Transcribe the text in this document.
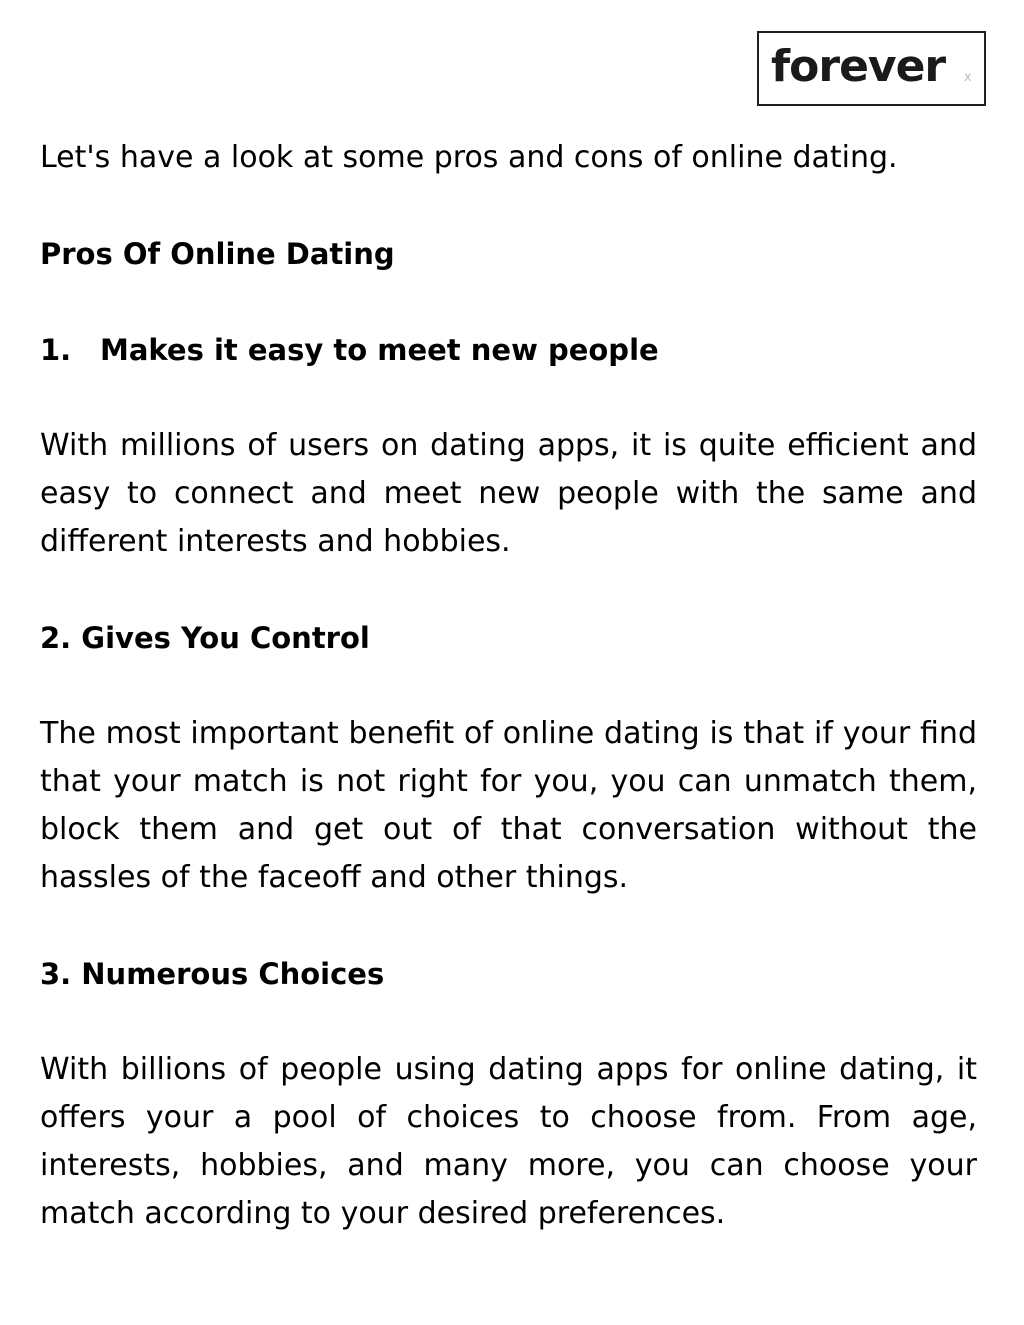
forever x

Let's have a look at some pros and cons of online dating.

Pros Of Online Dating

1. Makes it easy to meet new people

With millions of users on dating apps, it is quite efficient and easy to connect and meet new people with the same and different interests and hobbies.

2. Gives You Control

The most important benefit of online dating is that if your find that your match is not right for you, you can unmatch them, block them and get out of that conversation without the hassles of the faceoff and other things.

3. Numerous Choices

With billions of people using dating apps for online dating, it offers your a pool of choices to choose from. From age, interests, hobbies, and many more, you can choose your match according to your desired preferences.
